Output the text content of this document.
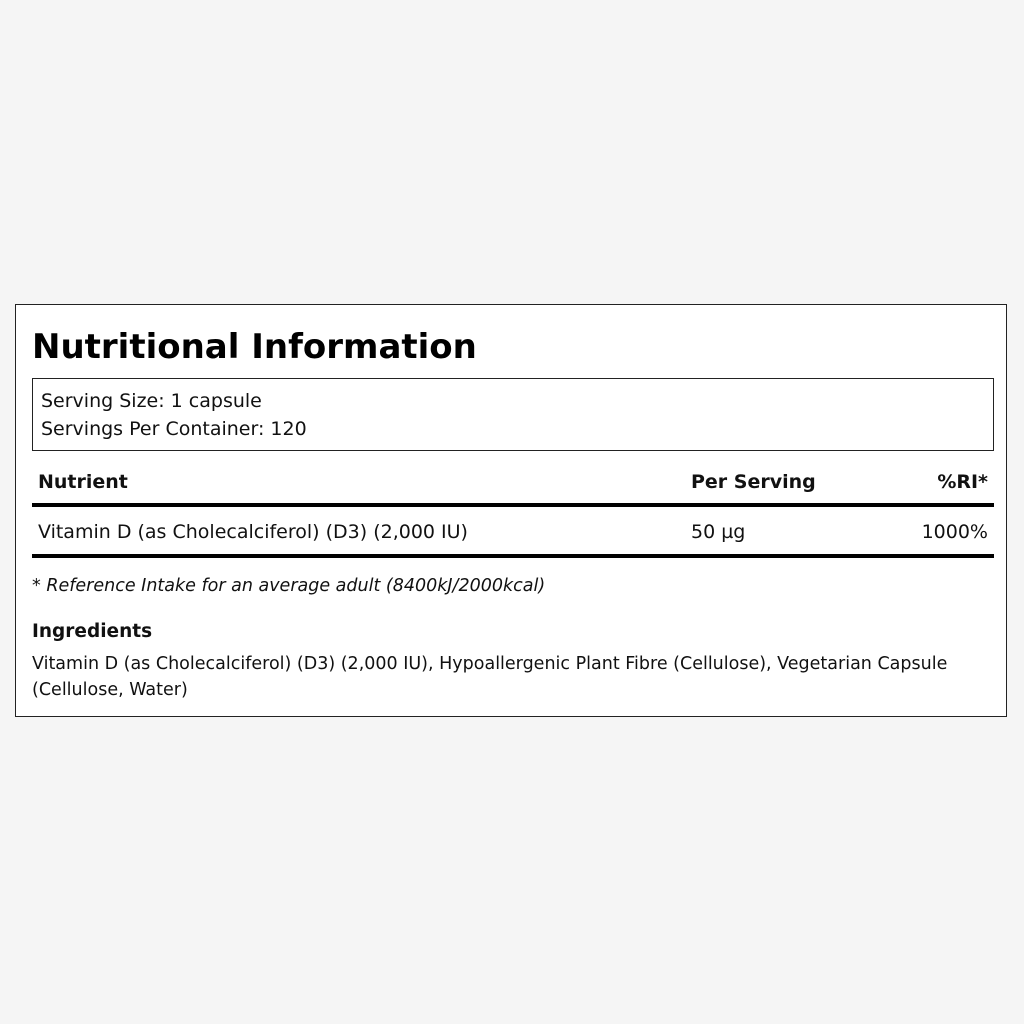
Nutritional Information
Serving Size: 1 capsule
Servings Per Container: 120
Nutrient	Per Serving	%RI*
Vitamin D (as Cholecalciferol) (D3) (2,000 IU)	50 µg	1000%
* Reference Intake for an average adult (8400kJ/2000kcal)
Ingredients
Vitamin D (as Cholecalciferol) (D3) (2,000 IU), Hypoallergenic Plant Fibre (Cellulose), Vegetarian Capsule (Cellulose, Water)
